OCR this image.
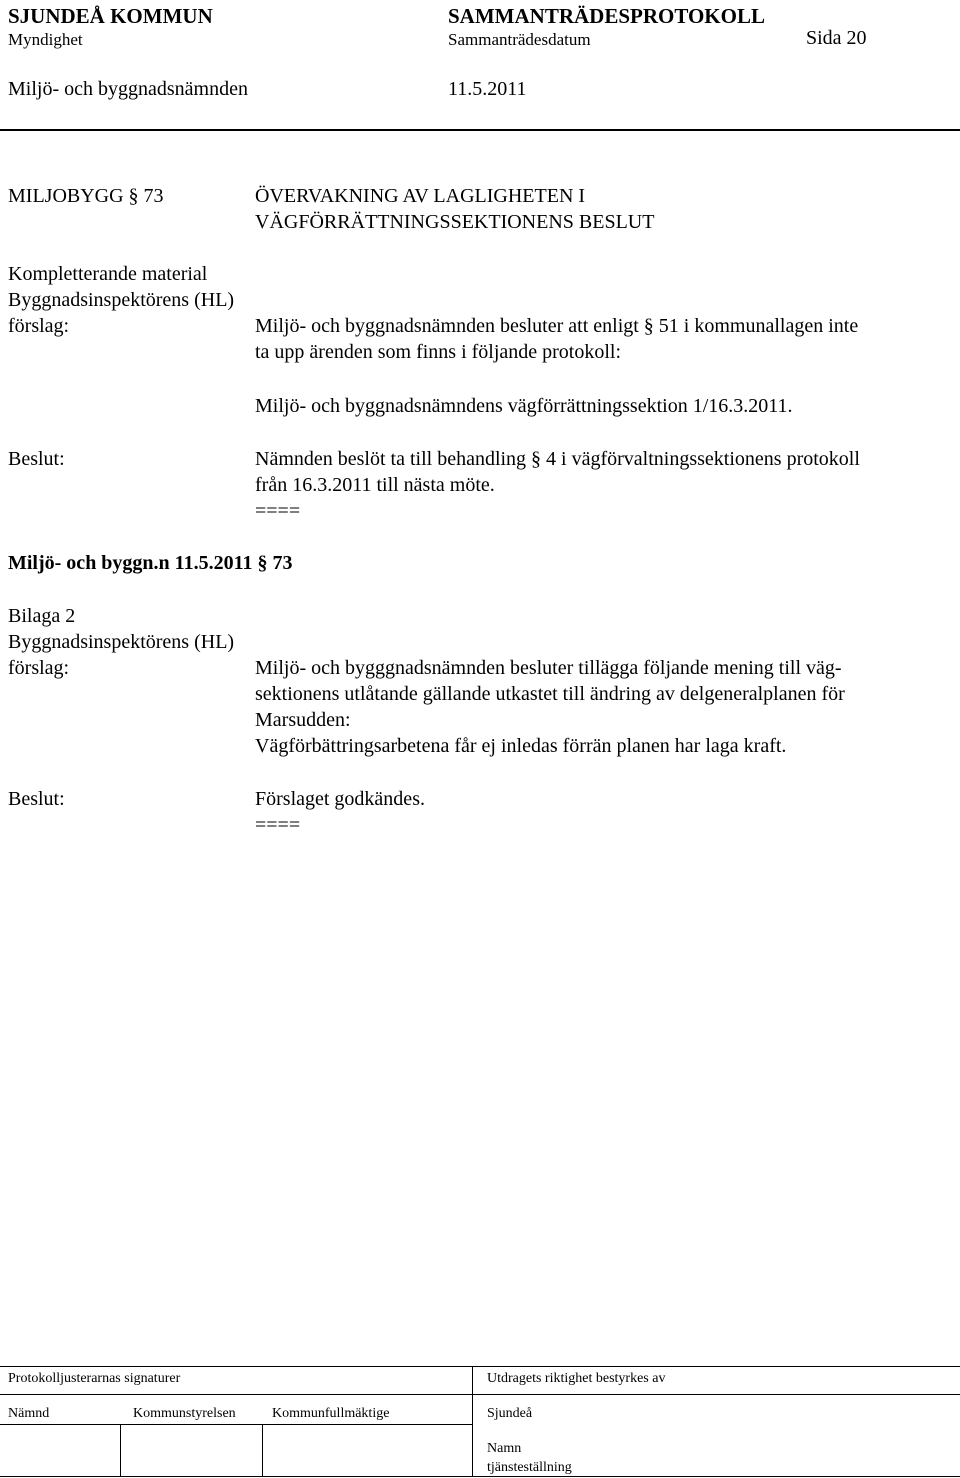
SJUNDEÅ KOMMUN	SAMMANTRÄDESPROTOKOLL
Myndighet	Sammanträdesdatum	Sida 20
Miljö- och byggnadsnämnden	11.5.2011
MILJOBYGG § 73	ÖVERVAKNING AV LAGLIGHETEN I
VÄGFÖRRÄTTNINGSSEKTIONENS BESLUT
Kompletterande material
Byggnadsinspektörens (HL)
förslag:	Miljö- och byggnadsnämnden besluter att enligt § 51 i kommunallagen inte
ta upp ärenden som finns i följande protokoll:
Miljö- och byggnadsnämndens vägförrättningssektion 1/16.3.2011.
Beslut:	Nämnden beslöt ta till behandling § 4 i vägförvaltningssektionens protokoll
från 16.3.2011 till nästa möte.
====
Miljö- och byggn.n 11.5.2011 § 73
Bilaga 2
Byggnadsinspektörens (HL)
förslag:	Miljö- och bygggnadsnämnden besluter tillägga följande mening till väg-
sektionens utlåtande gällande utkastet till ändring av delgeneralplanen för
Marsudden:
Vägförbättringsarbetena får ej inledas förrän planen har laga kraft.
Beslut:	Förslaget godkändes.
====
Protokolljusterarnas signaturer	Utdragets riktighet bestyrkes av
Nämnd	Kommunstyrelsen	Kommunfullmäktige	Sjundeå
Namn
tjänsteställning
